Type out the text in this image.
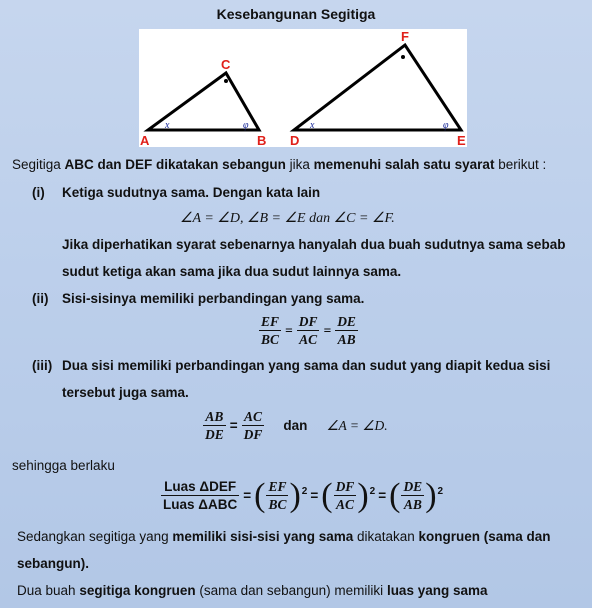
Kesebangunan Segitiga
x	φ
A	B
C
x	φ
D	E
F
Segitiga ABC dan DEF dikatakan sebangun jika memenuhi salah satu syarat berikut :
(i) Ketiga sudutnya sama. Dengan kata lain
∠A = ∠D, ∠B = ∠E dan ∠C = ∠F.
Jika diperhatikan syarat sebenarnya hanyalah dua buah sudutnya sama sebab
sudut ketiga akan sama jika dua sudut lainnya sama.
(ii) Sisi-sisinya memiliki perbandingan yang sama.
$\frac{EF}{BC} = \frac{DF}{AC} = \frac{DE}{AB}$
(iii) Dua sisi memiliki perbandingan yang sama dan sudut yang diapit kedua sisi
tersebut juga sama.
$\frac{AB}{DE} = \frac{AC}{DF}$ dan ∠A = ∠D.
sehingga berlaku
$\frac{\text{Luas ΔDEF}}{\text{Luas ΔABC}}$ =( $\frac{EF}{BC} )^2$ =( $\frac{DF}{AC} )^2$ =( $\frac{DE}{AB} )^2$
Sedangkan segitiga yang memiliki sisi-sisi yang sama dikatakan kongruen (sama dan
sebangun).
Dua buah segitiga kongruen (sama dan sebangun) memiliki luas yang sama
